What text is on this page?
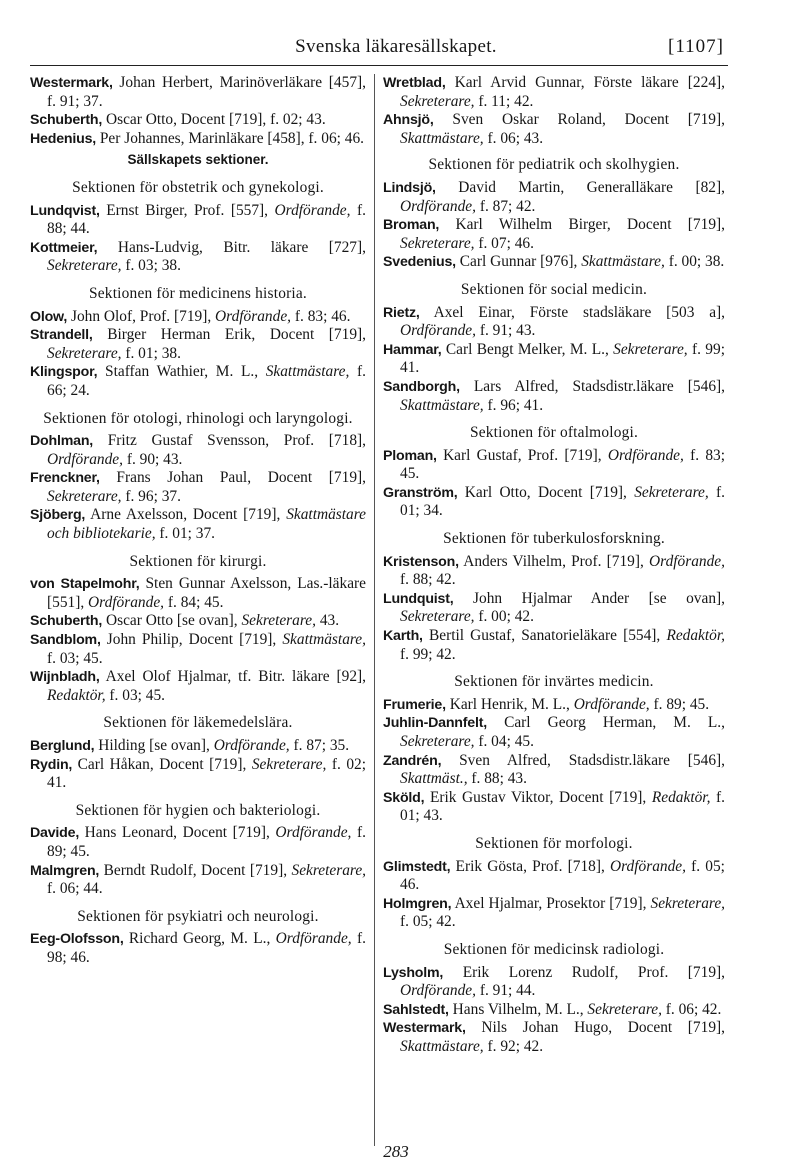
Svenska läkaresällskapet.	[1107]

Westermark, Johan Herbert, Marinöverläkare [457], f. 91; 37.

Schuberth, Oscar Otto, Docent [719], f. 02; 43.

Hedenius, Per Johannes, Marinläkare [458], f. 06; 46.

Sällskapets sektioner.
Sektionen för obstetrik och gynekologi.

Lundqvist, Ernst Birger, Prof. [557], Ordförande, f. 88; 44.

Kottmeier, Hans-Ludvig, Bitr. läkare [727], Sekreterare, f. 03; 38.

Sektionen för medicinens historia.

Olow, John Olof, Prof. [719], Ordförande, f. 83; 46.

Strandell, Birger Herman Erik, Docent [719], Sekreterare, f. 01; 38.

Klingspor, Staffan Wathier, M. L., Skattmästare, f. 66; 24.

Sektionen för otologi, rhinologi och laryngologi.

Dohlman, Fritz Gustaf Svensson, Prof. [718], Ordförande, f. 90; 43.

Frenckner, Frans Johan Paul, Docent [719], Sekreterare, f. 96; 37.

Sjöberg, Arne Axelsson, Docent [719], Skattmästare och bibliotekarie, f. 01; 37.

Sektionen för kirurgi.

von Stapelmohr, Sten Gunnar Axelsson, Las.-läkare [551], Ordförande, f. 84; 45.

Schuberth, Oscar Otto [se ovan], Sekreterare, 43.

Sandblom, John Philip, Docent [719], Skattmästare, f. 03; 45.

Wijnbladh, Axel Olof Hjalmar, tf. Bitr. läkare [92], Redaktör, f. 03; 45.

Sektionen för läkemedelslära.

Berglund, Hilding [se ovan], Ordförande, f. 87; 35.

Rydin, Carl Håkan, Docent [719], Sekreterare, f. 02; 41.

Sektionen för hygien och bakteriologi.

Davide, Hans Leonard, Docent [719], Ordförande, f. 89; 45.

Malmgren, Berndt Rudolf, Docent [719], Sekreterare, f. 06; 44.

Sektionen för psykiatri och neurologi.

Eeg-Olofsson, Richard Georg, M. L., Ordförande, f. 98; 46.

Wretblad, Karl Arvid Gunnar, Förste läkare [224], Sekreterare, f. 11; 42.

Ahnsjö, Sven Oskar Roland, Docent [719], Skattmästare, f. 06; 43.

Sektionen för pediatrik och skolhygien.

Lindsjö, David Martin, Generalläkare [82], Ordförande, f. 87; 42.

Broman, Karl Wilhelm Birger, Docent [719], Sekreterare, f. 07; 46.

Svedenius, Carl Gunnar [976], Skattmästare, f. 00; 38.

Sektionen för social medicin.

Rietz, Axel Einar, Förste stadsläkare [503 a], Ordförande, f. 91; 43.

Hammar, Carl Bengt Melker, M. L., Sekreterare, f. 99; 41.

Sandborgh, Lars Alfred, Stadsdistr.läkare [546], Skattmästare, f. 96; 41.

Sektionen för oftalmologi.

Ploman, Karl Gustaf, Prof. [719], Ordförande, f. 83; 45.

Granström, Karl Otto, Docent [719], Sekreterare, f. 01; 34.

Sektionen för tuberkulosforskning.

Kristenson, Anders Vilhelm, Prof. [719], Ordförande, f. 88; 42.

Lundquist, John Hjalmar Ander [se ovan], Sekreterare, f. 00; 42.

Karth, Bertil Gustaf, Sanatorieläkare [554], Redaktör, f. 99; 42.

Sektionen för invärtes medicin.

Frumerie, Karl Henrik, M. L., Ordförande, f. 89; 45.

Juhlin-Dannfelt, Carl Georg Herman, M. L., Sekreterare, f. 04; 45.

Zandrén, Sven Alfred, Stadsdistr.läkare [546], Skattmäst., f. 88; 43.

Sköld, Erik Gustav Viktor, Docent [719], Redaktör, f. 01; 43.

Sektionen för morfologi.

Glimstedt, Erik Gösta, Prof. [718], Ordförande, f. 05; 46.

Holmgren, Axel Hjalmar, Prosektor [719], Sekreterare, f. 05; 42.

Sektionen för medicinsk radiologi.

Lysholm, Erik Lorenz Rudolf, Prof. [719], Ordförande, f. 91; 44.

Sahlstedt, Hans Vilhelm, M. L., Sekreterare, f. 06; 42.

Westermark, Nils Johan Hugo, Docent [719], Skattmästare, f. 92; 42.

283
